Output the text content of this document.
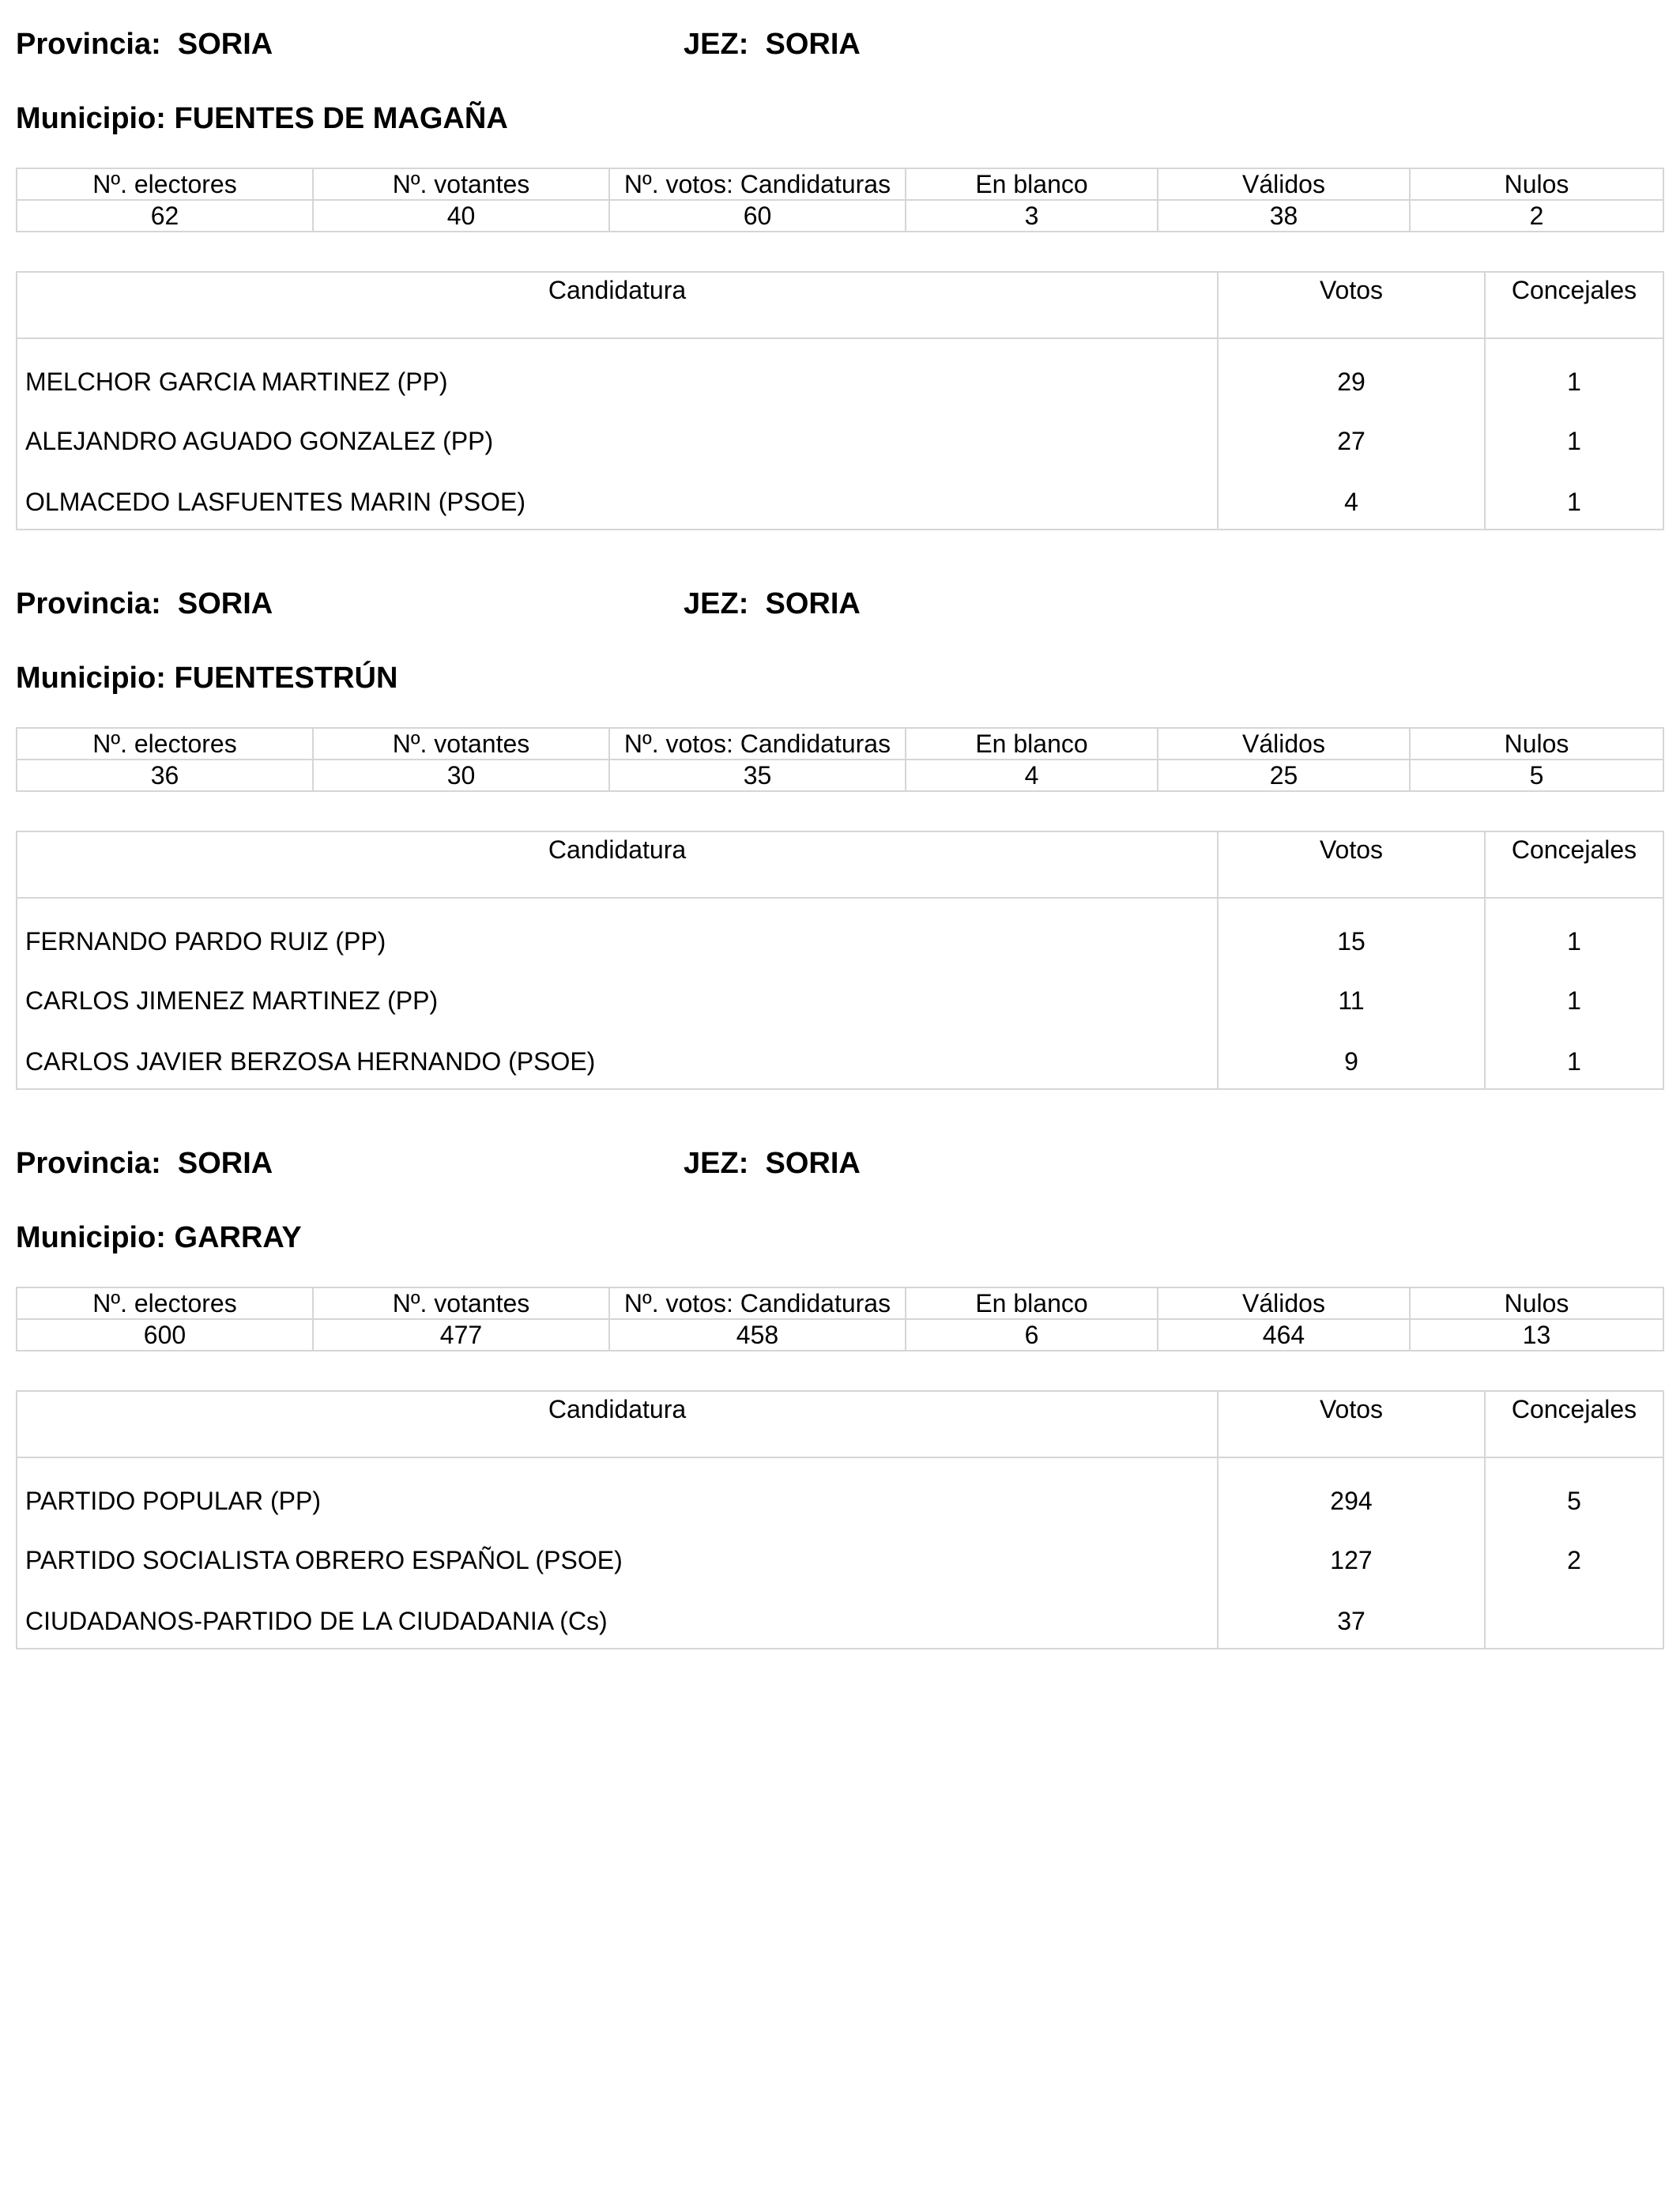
Provincia: SORIA	JEZ: SORIA
Municipio: FUENTES DE MAGAÑA
Nº. electores	Nº. votantes	Nº. votos: Candidaturas	En blanco	Válidos	Nulos
62	40	60	3	38	2
Candidatura	Votos	Concejales
MELCHOR GARCIA MARTINEZ (PP)	29	1
ALEJANDRO AGUADO GONZALEZ (PP)	27	1
OLMACEDO LASFUENTES MARIN (PSOE)	4	1
Provincia: SORIA	JEZ: SORIA
Municipio: FUENTESTRÚN
Nº. electores	Nº. votantes	Nº. votos: Candidaturas	En blanco	Válidos	Nulos
36	30	35	4	25	5
Candidatura	Votos	Concejales
FERNANDO PARDO RUIZ (PP)	15	1
CARLOS JIMENEZ MARTINEZ (PP)	11	1
CARLOS JAVIER BERZOSA HERNANDO (PSOE)	9	1
Provincia: SORIA	JEZ: SORIA
Municipio: GARRAY
Nº. electores	Nº. votantes	Nº. votos: Candidaturas	En blanco	Válidos	Nulos
600	477	458	6	464	13
Candidatura	Votos	Concejales
PARTIDO POPULAR (PP)	294	5
PARTIDO SOCIALISTA OBRERO ESPAÑOL (PSOE)	127	2
CIUDADANOS-PARTIDO DE LA CIUDADANIA (Cs)	37	
